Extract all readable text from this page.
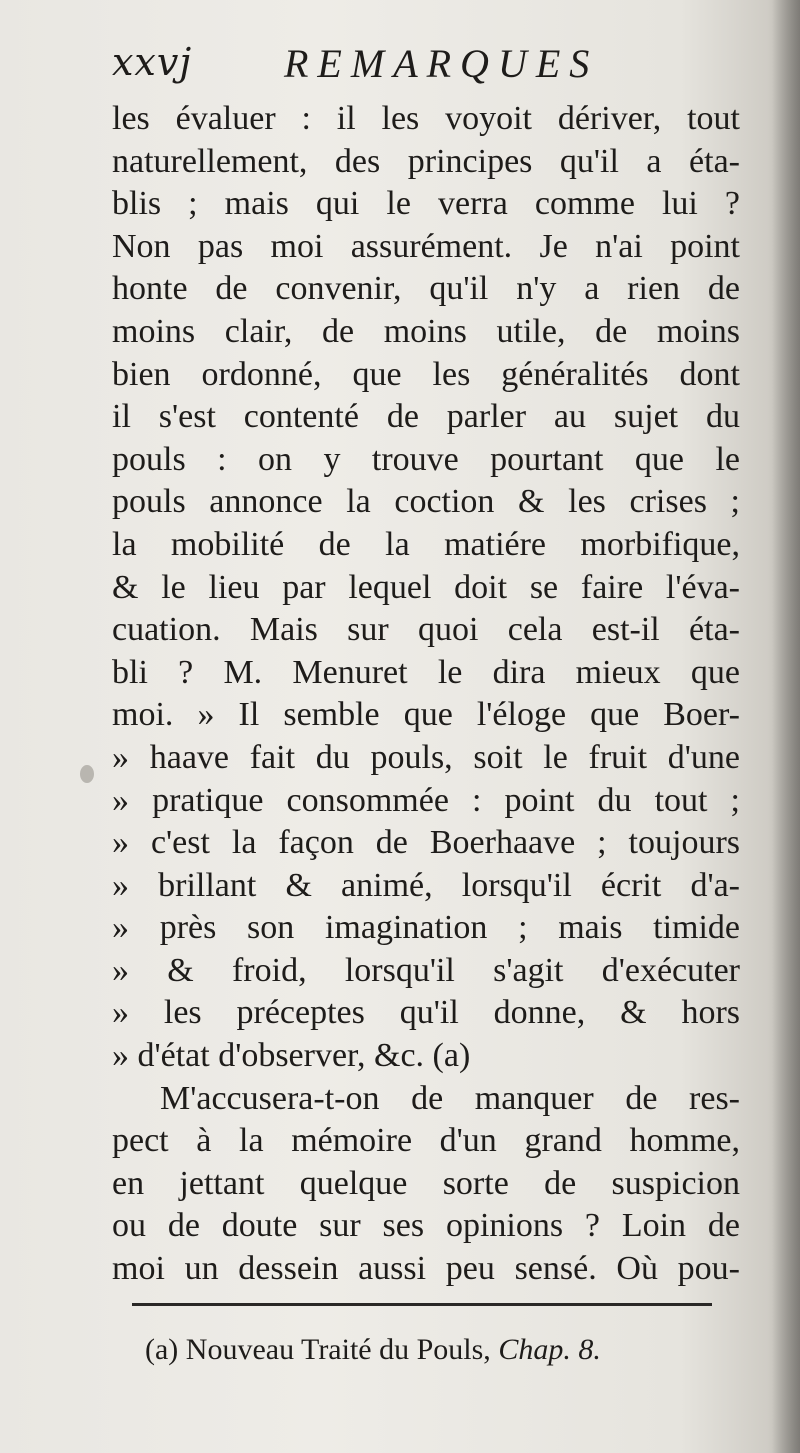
xxvj REMARQUES
les évaluer : il les voyoit dériver, tout
naturellement, des principes qu'il a éta-
blis ; mais qui le verra comme lui ?
Non pas moi assurément. Je n'ai point
honte de convenir, qu'il n'y a rien de
moins clair, de moins utile, de moins
bien ordonné, que les généralités dont
il s'est contenté de parler au sujet du
pouls : on y trouve pourtant que le
pouls annonce la coction & les crises ;
la mobilité de la matiére morbifique,
& le lieu par lequel doit se faire l'éva-
cuation. Mais sur quoi cela est-il éta-
bli ? M. Menuret le dira mieux que
moi. » Il semble que l'éloge que Boer-
» haave fait du pouls, soit le fruit d'une
» pratique consommée : point du tout ;
» c'est la façon de Boerhaave ; toujours
» brillant & animé, lorsqu'il écrit d'a-
» près son imagination ; mais timide
» & froid, lorsqu'il s'agit d'exécuter
» les préceptes qu'il donne, & hors
» d'état d'observer, &c. (a)
M'accusera-t-on de manquer de res-
pect à la mémoire d'un grand homme,
en jettant quelque sorte de suspicion
ou de doute sur ses opinions ? Loin de
moi un dessein aussi peu sensé. Où pou-
(a) Nouveau Traité du Pouls, Chap. 8.
